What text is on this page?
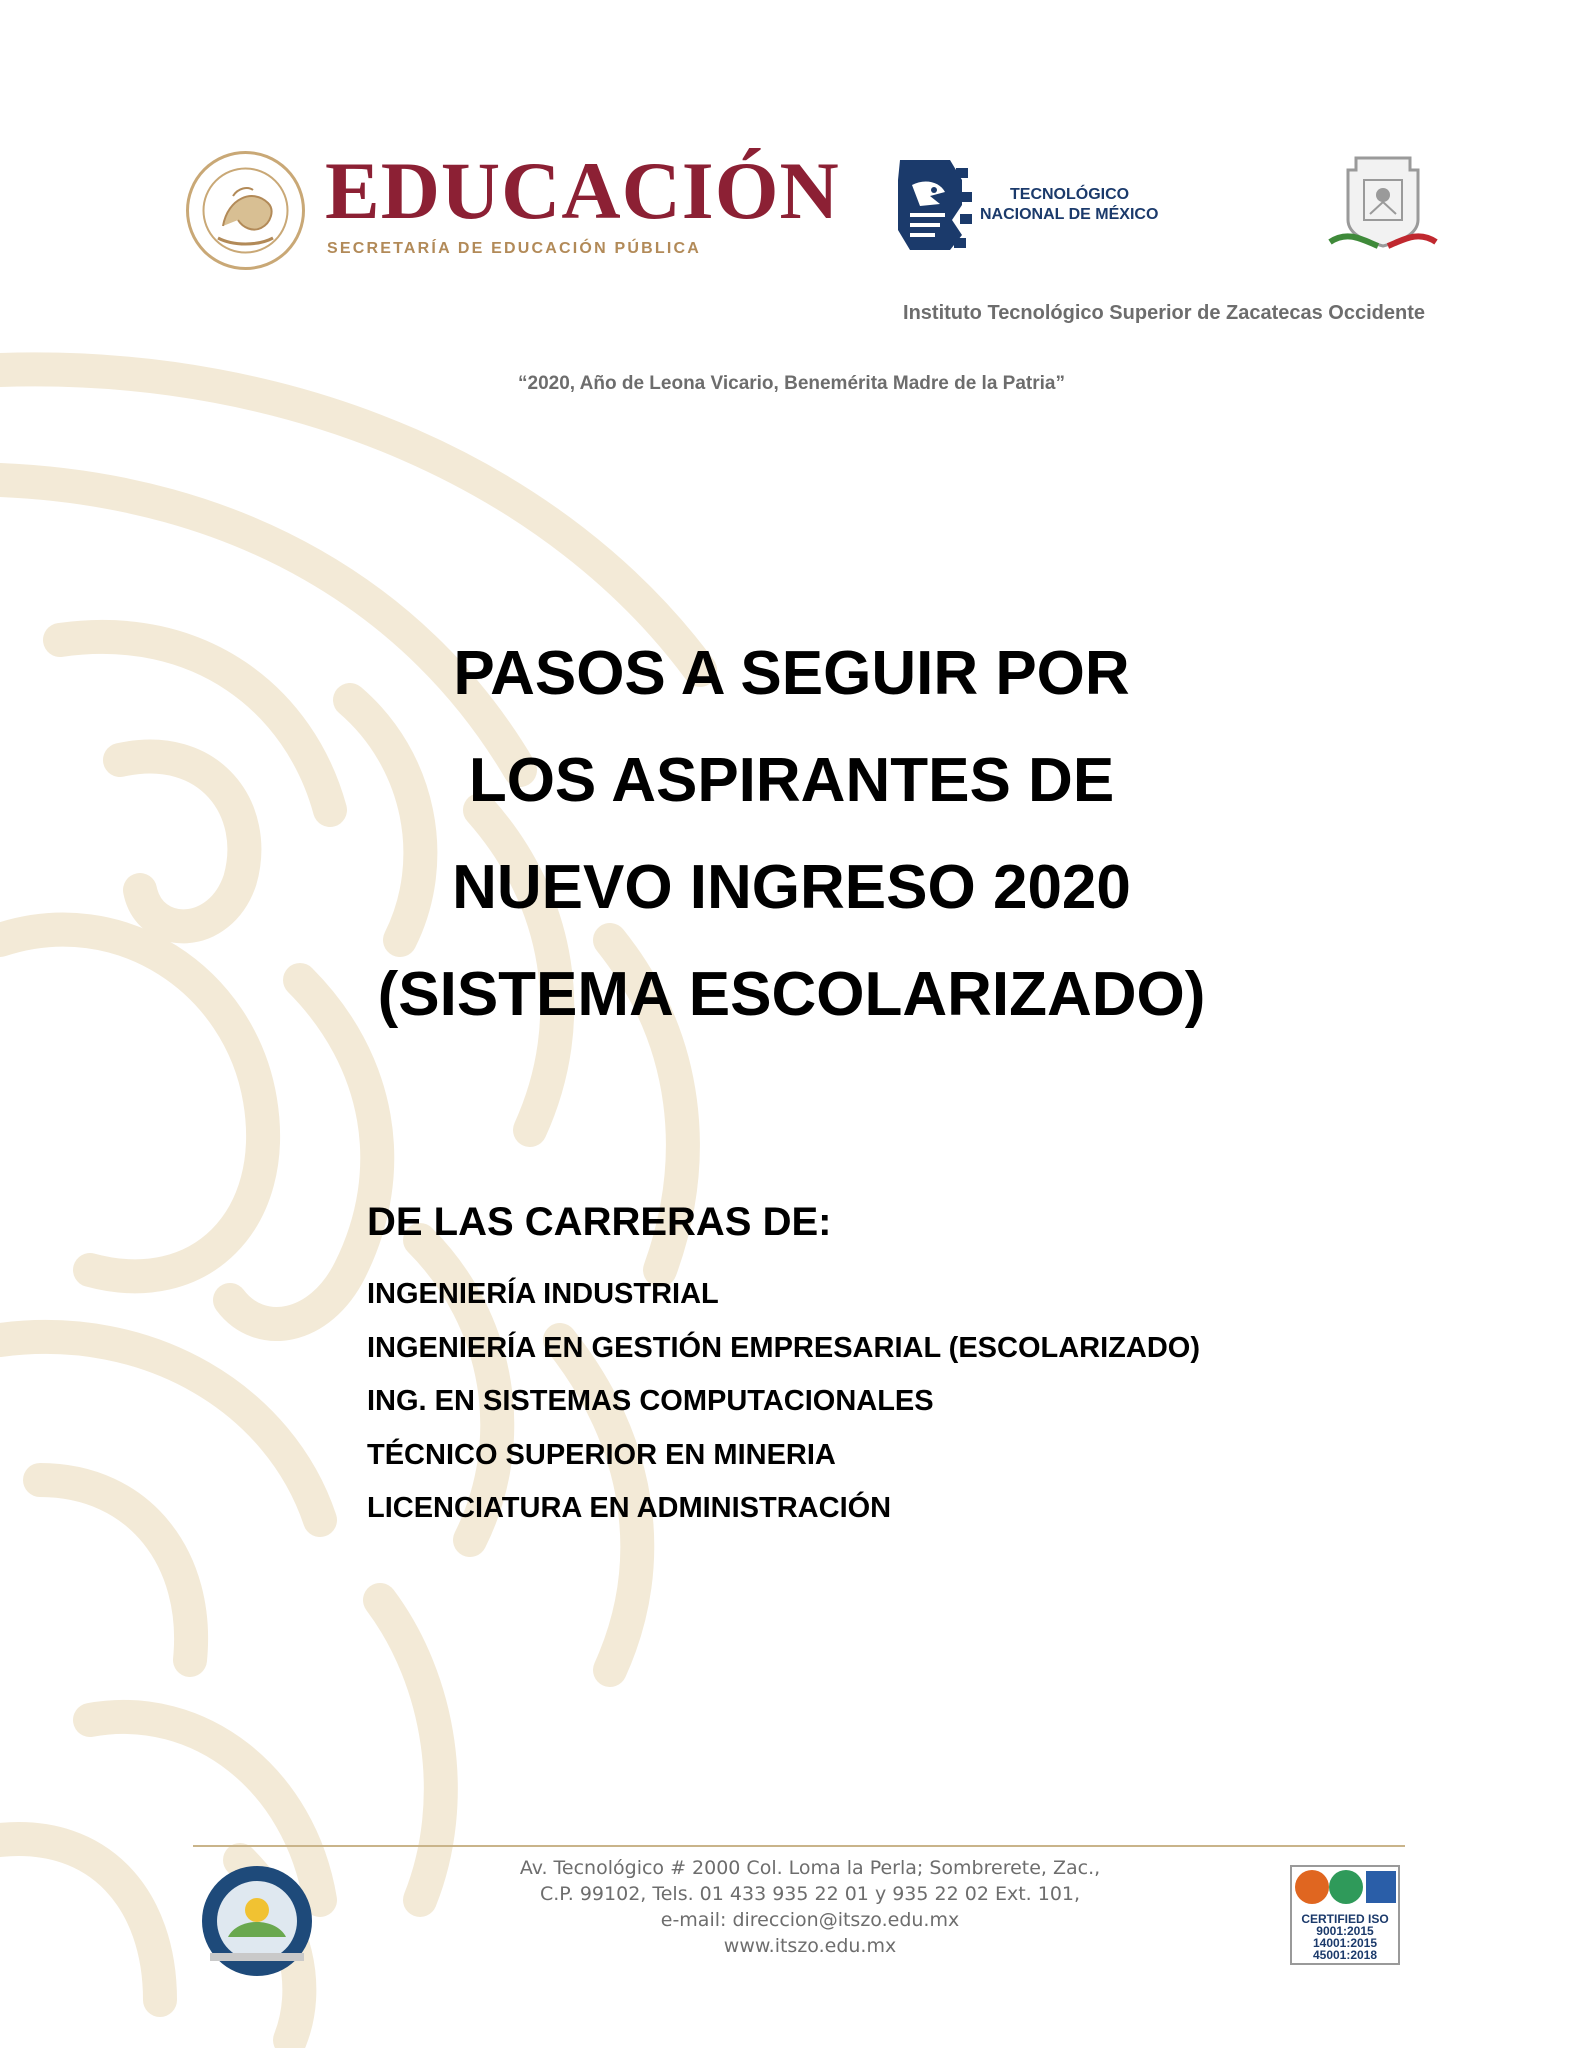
EDUCACIÓN
SECRETARÍA DE EDUCACIÓN PÚBLICA
TECNOLÓGICO
NACIONAL DE MÉXICO
Instituto Tecnológico Superior de Zacatecas Occidente
“2020, Año de Leona Vicario, Benemérita Madre de la Patria”
PASOS A SEGUIR POR
LOS ASPIRANTES DE
NUEVO INGRESO 2020
(SISTEMA ESCOLARIZADO)
DE LAS CARRERAS DE:
INGENIERÍA INDUSTRIAL
INGENIERÍA EN GESTIÓN EMPRESARIAL (ESCOLARIZADO)
ING. EN SISTEMAS COMPUTACIONALES
TÉCNICO SUPERIOR EN MINERIA
LICENCIATURA EN ADMINISTRACIÓN
Av. Tecnológico # 2000 Col. Loma la Perla; Sombrerete, Zac.,
C.P. 99102, Tels. 01 433 935 22 01 y 935 22 02 Ext. 101,
e-mail: direccion@itszo.edu.mx
www.itszo.edu.mx
CERTIFIED ISO
9001:2015
14001:2015
45001:2018
